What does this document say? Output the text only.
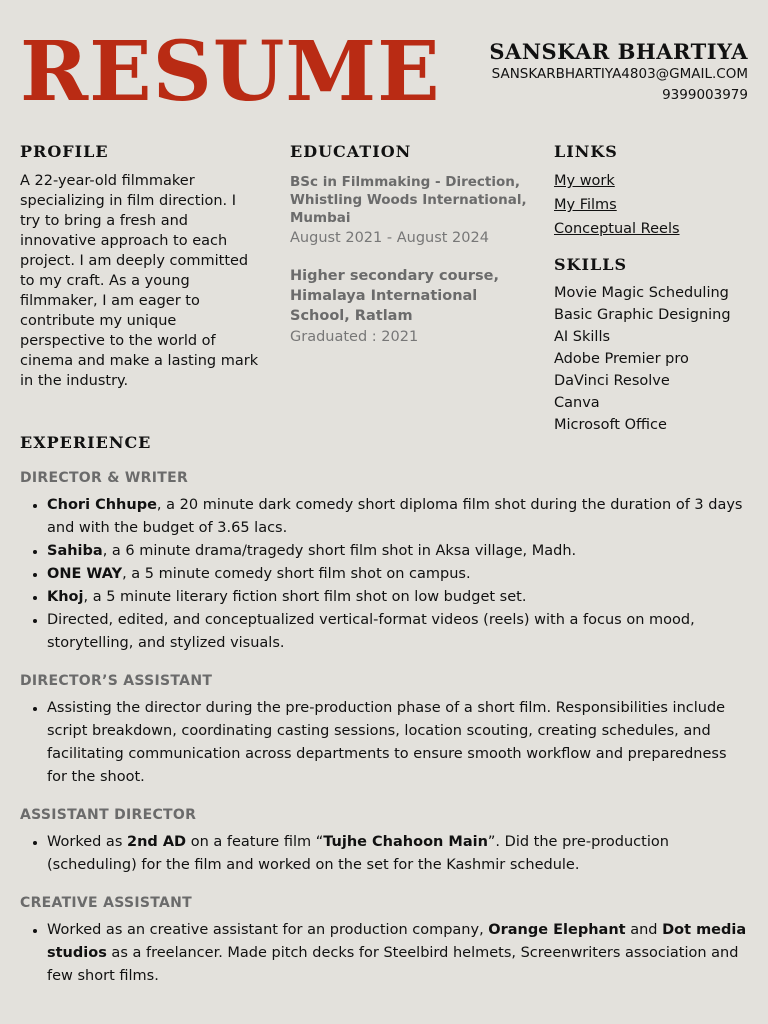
RESUME SANSKAR BHARTIYA
SANSKARBHARTIYA4803@GMAIL.COM
9399003979
PROFILE
A 22-year-old filmmaker specializing in film direction. I try to bring a fresh and innovative approach to each project. I am deeply committed to my craft. As a young filmmaker, I am eager to contribute my unique perspective to the world of cinema and make a lasting mark in the industry.
EDUCATION
BSc in Filmmaking - Direction, Whistling Woods International, Mumbai
August 2021 - August 2024
Higher secondary course, Himalaya International School, Ratlam
Graduated : 2021
LINKS
My work
My Films
Conceptual Reels
SKILLS
Movie Magic Scheduling
Basic Graphic Designing
AI Skills
Adobe Premier pro
DaVinci Resolve
Canva
Microsoft Office
EXPERIENCE
DIRECTOR & WRITER
• Chori Chhupe, a 20 minute dark comedy short diploma film shot during the duration of 3 days and with the budget of 3.65 lacs.
• Sahiba, a 6 minute drama/tragedy short film shot in Aksa village, Madh.
• ONE WAY, a 5 minute comedy short film shot on campus.
• Khoj, a 5 minute literary fiction short film shot on low budget set.
• Directed, edited, and conceptualized vertical-format videos (reels) with a focus on mood, storytelling, and stylized visuals.
DIRECTOR’S ASSISTANT
• Assisting the director during the pre-production phase of a short film. Responsibilities include script breakdown, coordinating casting sessions, location scouting, creating schedules, and facilitating communication across departments to ensure smooth workflow and preparedness for the shoot.
ASSISTANT DIRECTOR
• Worked as 2nd AD on a feature film “Tujhe Chahoon Main”. Did the pre-production (scheduling) for the film and worked on the set for the Kashmir schedule.
CREATIVE ASSISTANT
• Worked as an creative assistant for an production company, Orange Elephant and Dot media studios as a freelancer. Made pitch decks for Steelbird helmets, Screenwriters association and few short films.
